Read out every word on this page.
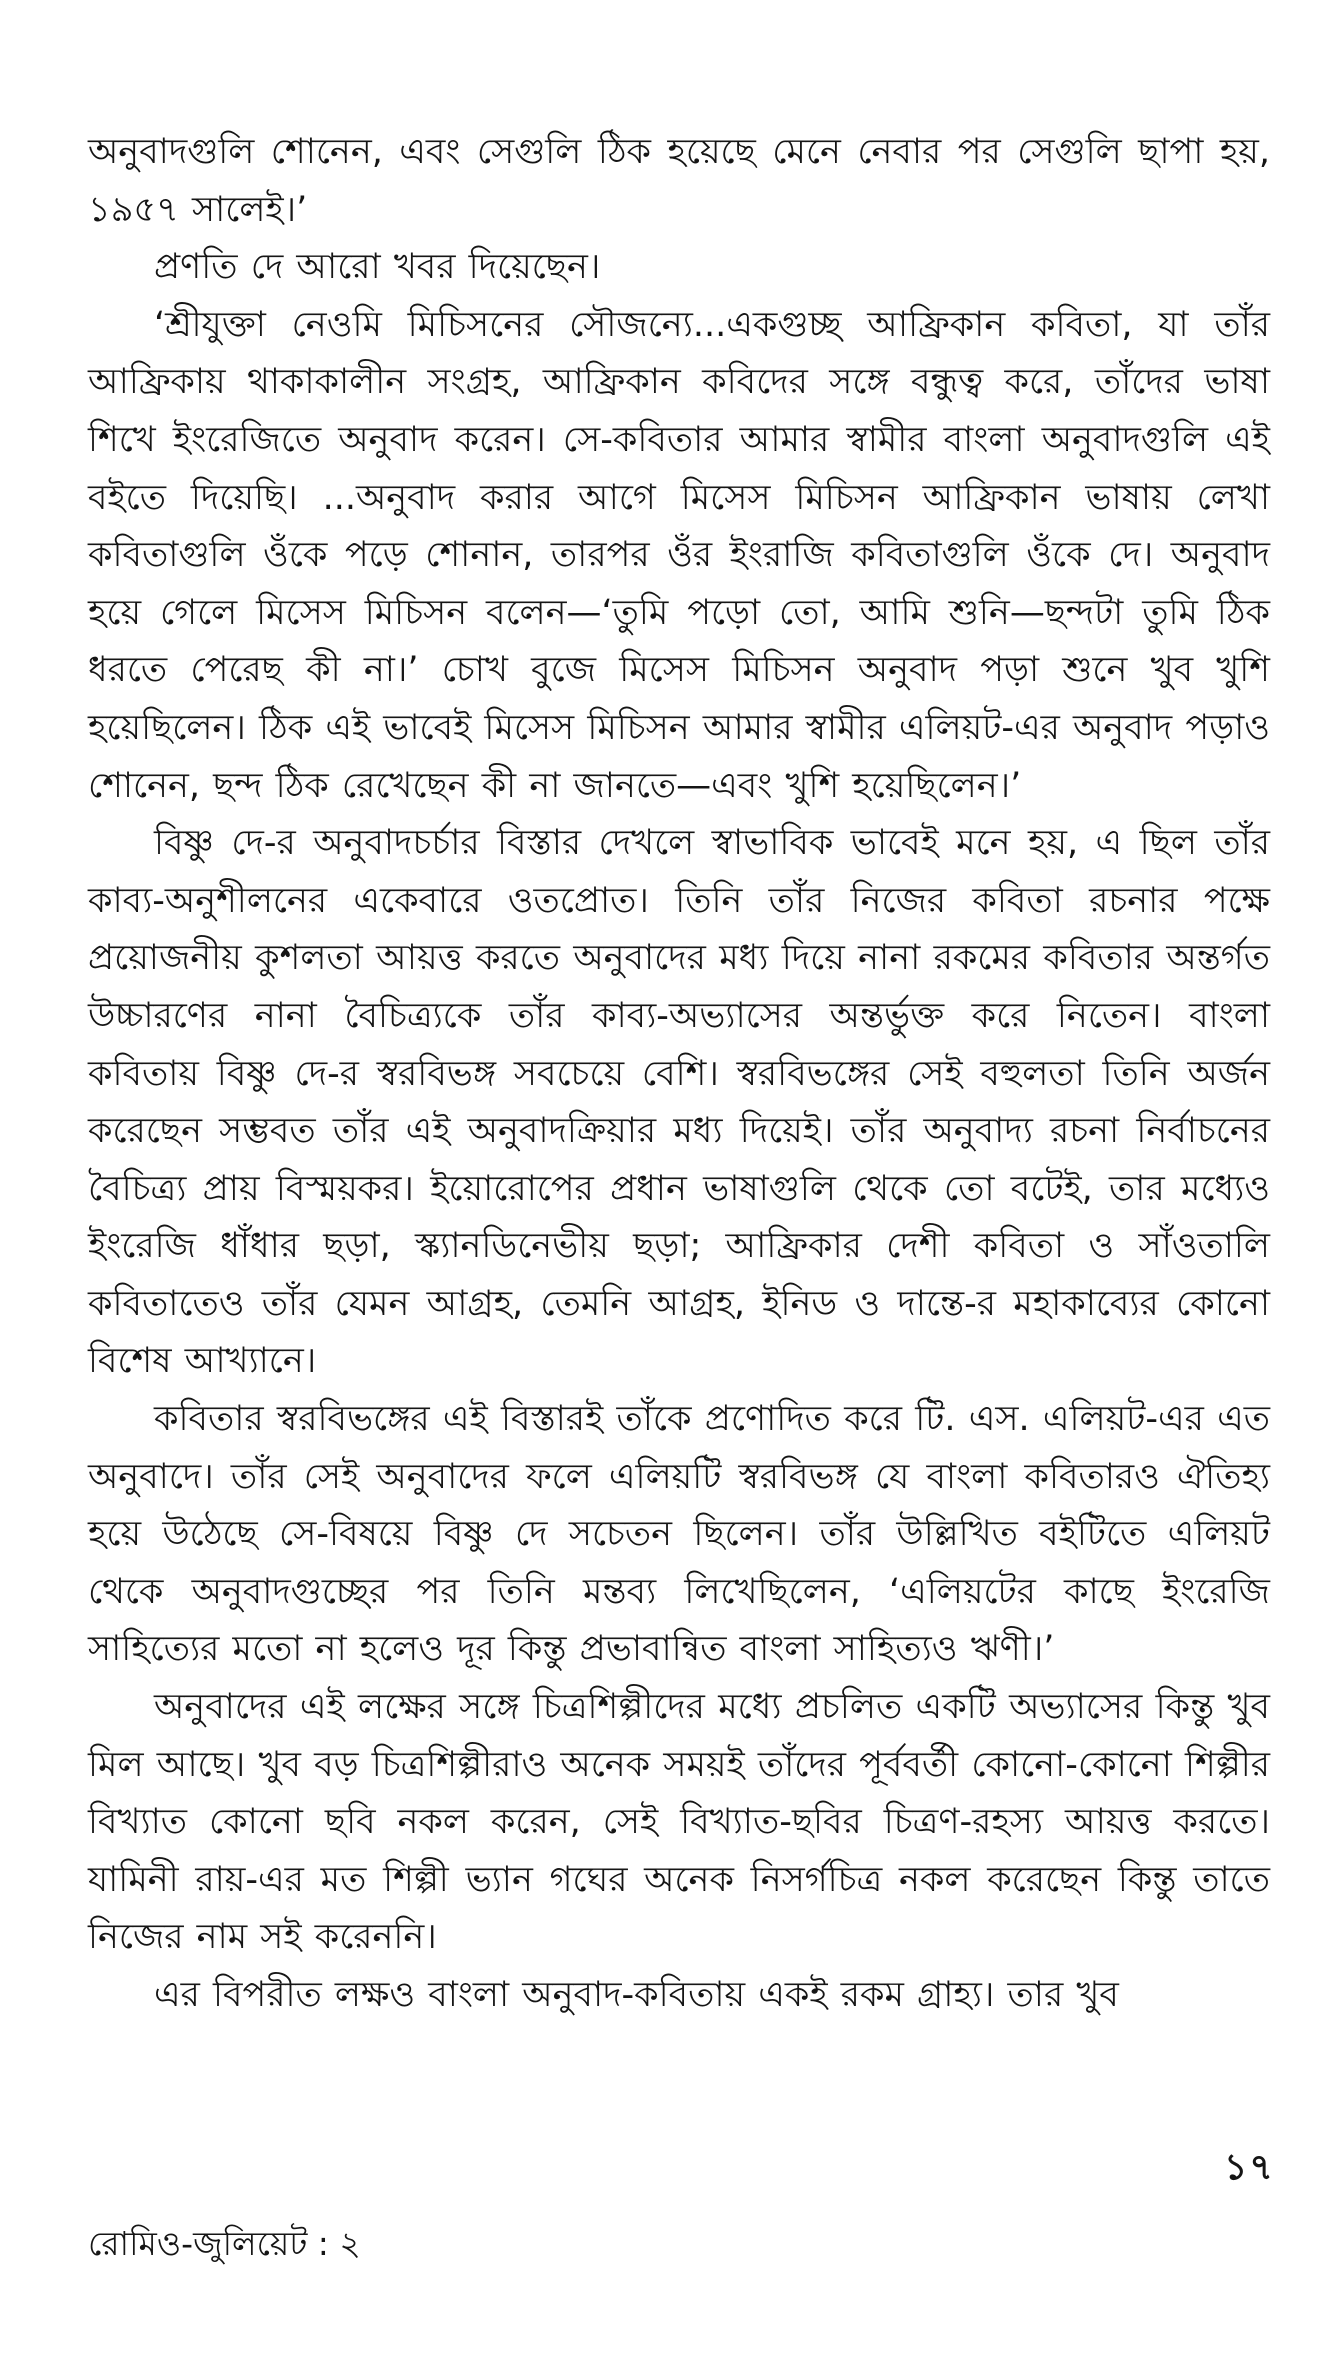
অনুবাদগুলি শোনেন, এবং সেগুলি ঠিক হয়েছে মেনে নেবার পর সেগুলি ছাপা হয়, ১৯৫৭ সালেই।’

প্রণতি দে আরো খবর দিয়েছেন।

‘শ্রীযুক্তা নেওমি মিচিসনের সৌজন্যে...একগুচ্ছ আফ্রিকান কবিতা, যা তাঁর আফ্রিকায় থাকাকালীন সংগ্রহ, আফ্রিকান কবিদের সঙ্গে বন্ধুত্ব করে, তাঁদের ভাষা শিখে ইংরেজিতে অনুবাদ করেন। সে-কবিতার আমার স্বামীর বাংলা অনুবাদগুলি এই বইতে দিয়েছি। ...অনুবাদ করার আগে মিসেস মিচিসন আফ্রিকান ভাষায় লেখা কবিতাগুলি ওঁকে পড়ে শোনান, তারপর ওঁর ইংরাজি কবিতাগুলি ওঁকে দে। অনুবাদ হয়ে গেলে মিসেস মিচিসন বলেন—‘তুমি পড়ো তো, আমি শুনি—ছন্দটা তুমি ঠিক ধরতে পেরেছ কী না।’ চোখ বুজে মিসেস মিচিসন অনুবাদ পড়া শুনে খুব খুশি হয়েছিলেন। ঠিক এই ভাবেই মিসেস মিচিসন আমার স্বামীর এলিয়ট-এর অনুবাদ পড়াও শোনেন, ছন্দ ঠিক রেখেছেন কী না জানতে—এবং খুশি হয়েছিলেন।’

বিষ্ণু দে-র অনুবাদচর্চার বিস্তার দেখলে স্বাভাবিক ভাবেই মনে হয়, এ ছিল তাঁর কাব্য-অনুশীলনের একেবারে ওতপ্রোত। তিনি তাঁর নিজের কবিতা রচনার পক্ষে প্রয়োজনীয় কুশলতা আয়ত্ত করতে অনুবাদের মধ্য দিয়ে নানা রকমের কবিতার অন্তর্গত উচ্চারণের নানা বৈচিত্র্যকে তাঁর কাব্য-অভ্যাসের অন্তর্ভুক্ত করে নিতেন। বাংলা কবিতায় বিষ্ণু দে-র স্বরবিভঙ্গ সবচেয়ে বেশি। স্বরবিভঙ্গের সেই বহুলতা তিনি অর্জন করেছেন সম্ভবত তাঁর এই অনুবাদক্রিয়ার মধ্য দিয়েই। তাঁর অনুবাদ্য রচনা নির্বাচনের বৈচিত্র্য প্রায় বিস্ময়কর। ইয়োরোপের প্রধান ভাষাগুলি থেকে তো বটেই, তার মধ্যেও ইংরেজি ধাঁধার ছড়া, স্ক্যানডিনেভীয় ছড়া; আফ্রিকার দেশী কবিতা ও সাঁওতালি কবিতাতেও তাঁর যেমন আগ্রহ, তেমনি আগ্রহ, ইনিড ও দান্তে-র মহাকাব্যের কোনো বিশেষ আখ্যানে।

কবিতার স্বরবিভঙ্গের এই বিস্তারই তাঁকে প্রণোদিত করে টি. এস. এলিয়ট-এর এত অনুবাদে। তাঁর সেই অনুবাদের ফলে এলিয়টি স্বরবিভঙ্গ যে বাংলা কবিতারও ঐতিহ্য হয়ে উঠেছে সে-বিষয়ে বিষ্ণু দে সচেতন ছিলেন। তাঁর উল্লিখিত বইটিতে এলিয়ট থেকে অনুবাদগুচ্ছের পর তিনি মন্তব্য লিখেছিলেন, ‘এলিয়টের কাছে ইংরেজি সাহিত্যের মতো না হলেও দূর কিন্তু প্রভাবান্বিত বাংলা সাহিত্যও ঋণী।’

অনুবাদের এই লক্ষের সঙ্গে চিত্রশিল্পীদের মধ্যে প্রচলিত একটি অভ্যাসের কিন্তু খুব মিল আছে। খুব বড় চিত্রশিল্পীরাও অনেক সময়ই তাঁদের পূর্ববর্তী কোনো-কোনো শিল্পীর বিখ্যাত কোনো ছবি নকল করেন, সেই বিখ্যাত-ছবির চিত্রণ-রহস্য আয়ত্ত করতে। যামিনী রায়-এর মত শিল্পী ভ্যান গঘের অনেক নিসর্গচিত্র নকল করেছেন কিন্তু তাতে নিজের নাম সই করেননি।

এর বিপরীত লক্ষও বাংলা অনুবাদ-কবিতায় একই রকম গ্রাহ্য। তার খুব

১৭
রোমিও-জুলিয়েট : ২
